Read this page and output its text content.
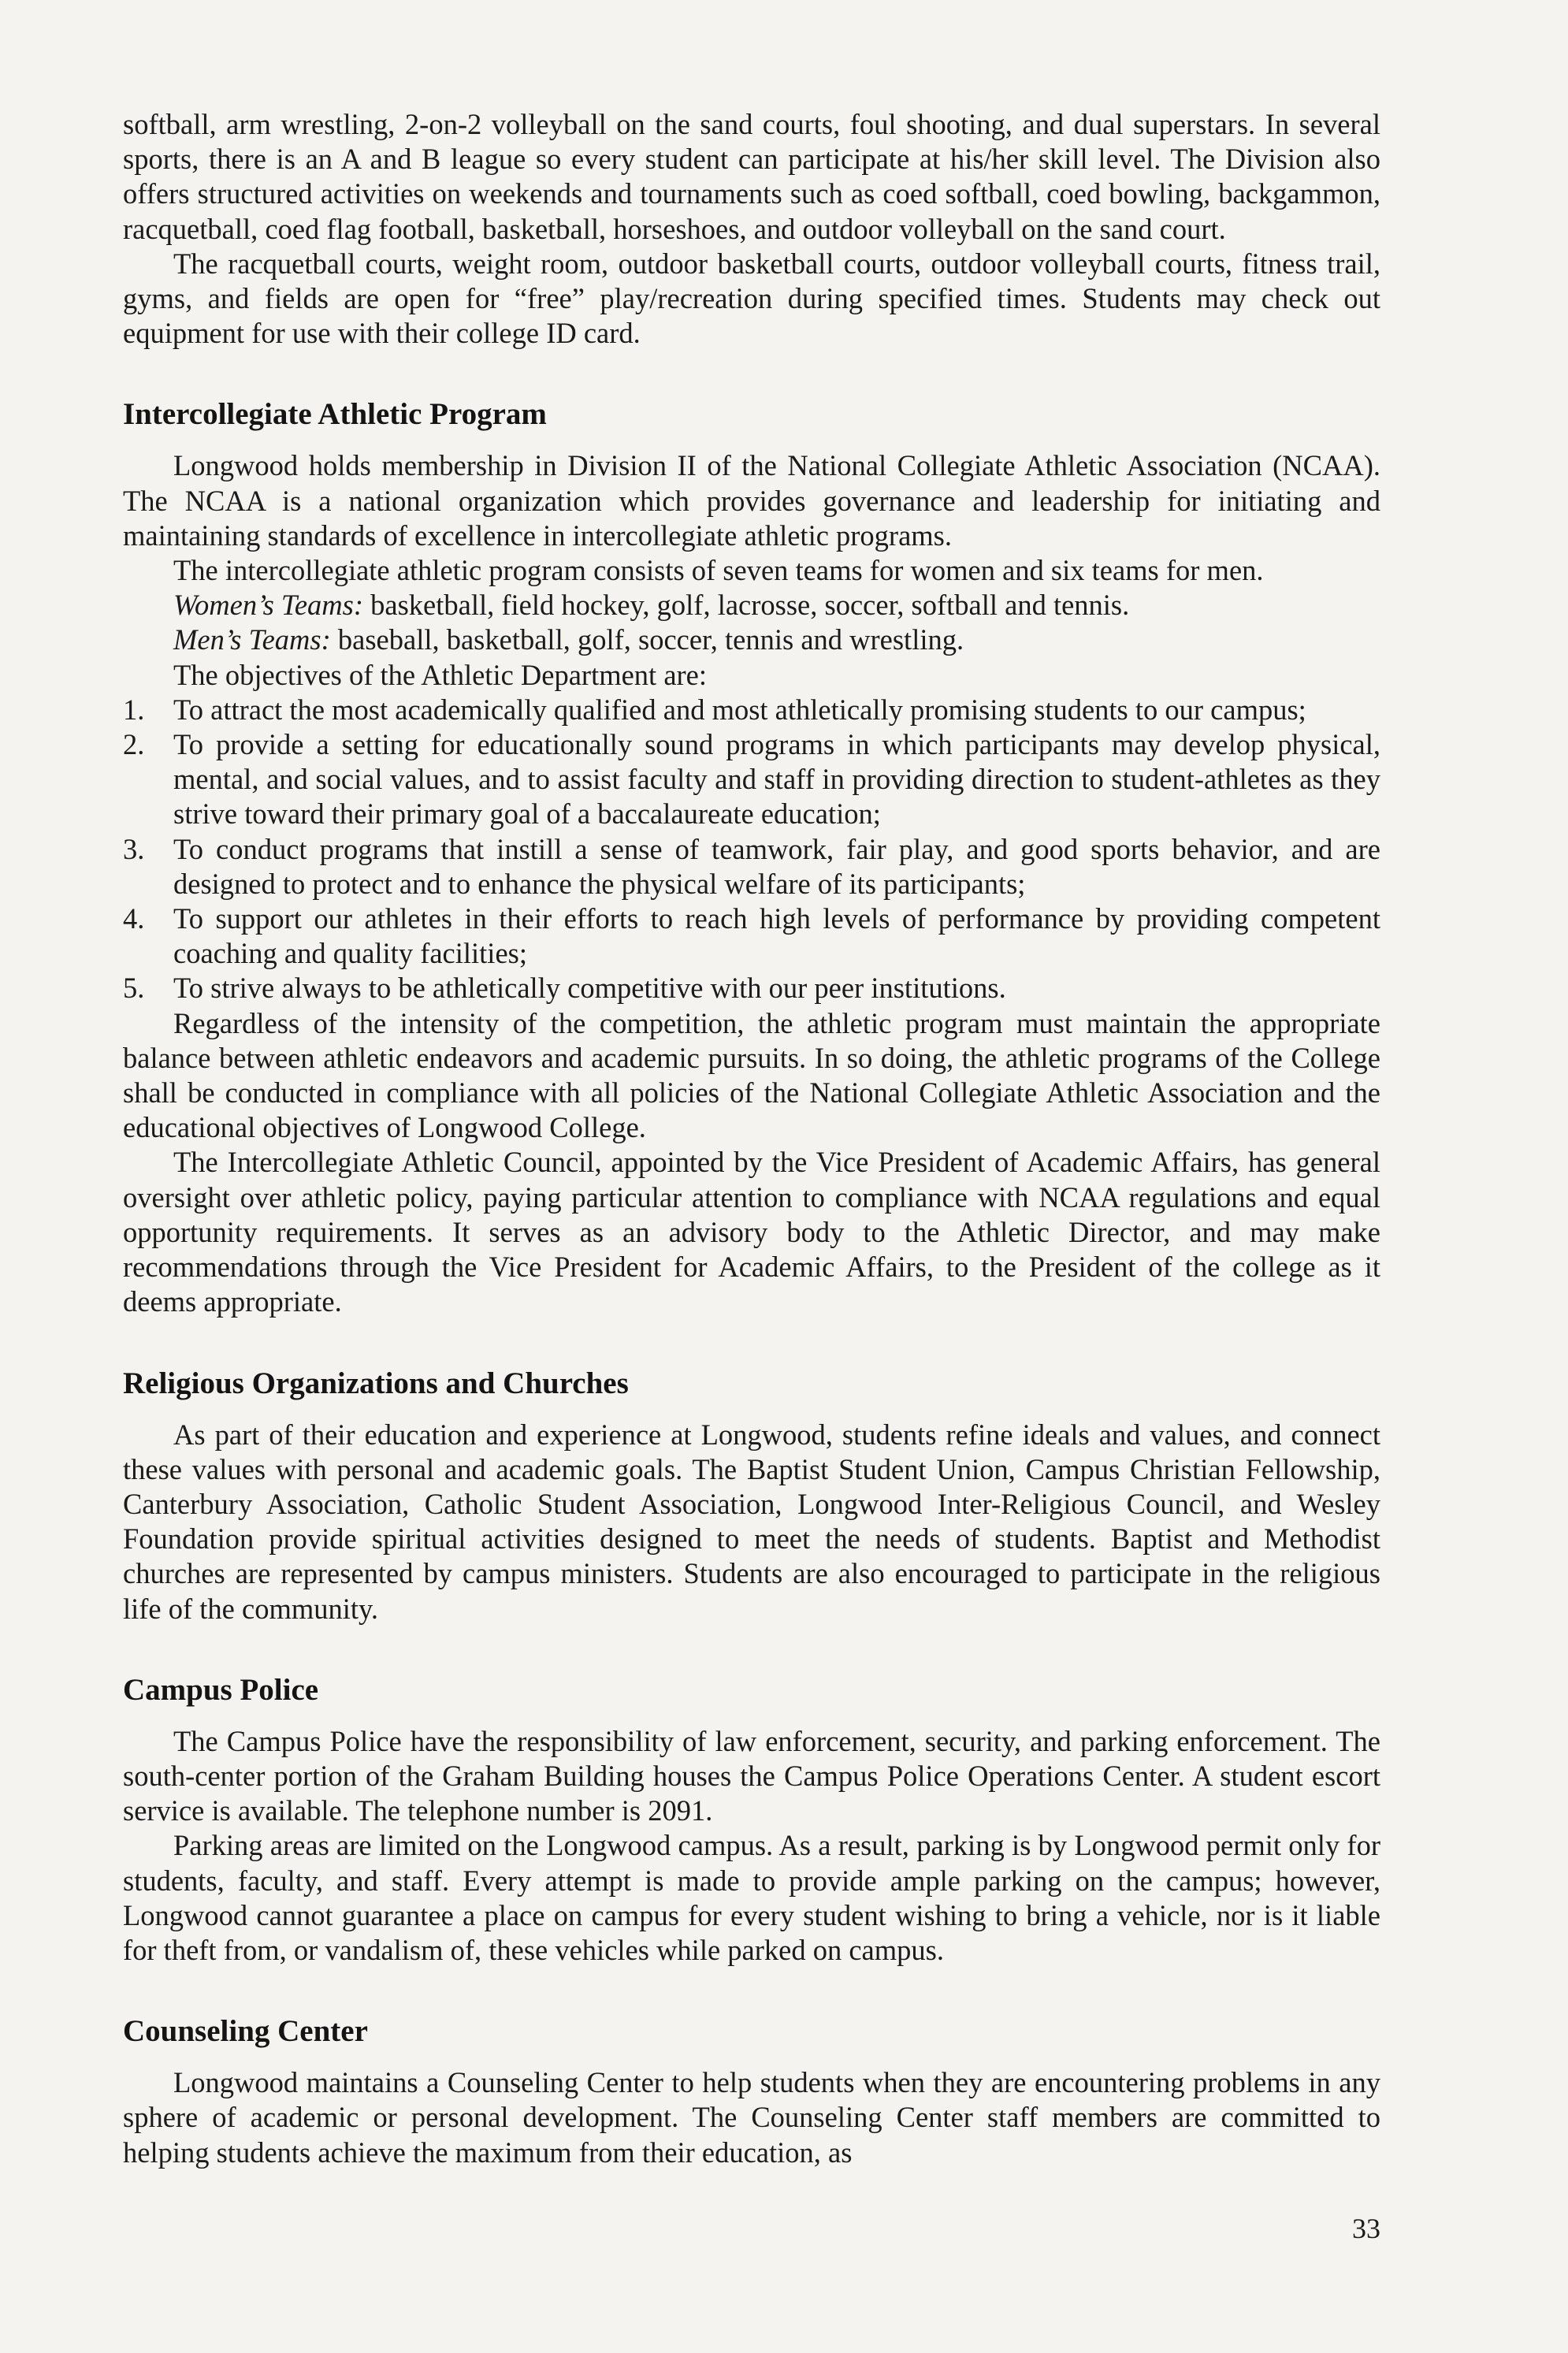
softball, arm wrestling, 2-on-2 volleyball on the sand courts, foul shooting, and dual superstars. In several sports, there is an A and B league so every student can participate at his/her skill level. The Division also offers structured activities on weekends and tournaments such as coed softball, coed bowling, backgammon, racquetball, coed flag football, basketball, horseshoes, and outdoor volleyball on the sand court.

The racquetball courts, weight room, outdoor basketball courts, outdoor volleyball courts, fitness trail, gyms, and fields are open for “free” play/recreation during specified times. Students may check out equipment for use with their college ID card.

Intercollegiate Athletic Program

Longwood holds membership in Division II of the National Collegiate Athletic Association (NCAA). The NCAA is a national organization which provides governance and leadership for initiating and maintaining standards of excellence in intercollegiate athletic programs.

The intercollegiate athletic program consists of seven teams for women and six teams for men.

Women’s Teams: basketball, field hockey, golf, lacrosse, soccer, softball and tennis.

Men’s Teams: baseball, basketball, golf, soccer, tennis and wrestling.

The objectives of the Athletic Department are:

1. To attract the most academically qualified and most athletically promising students to our campus;
2. To provide a setting for educationally sound programs in which participants may develop physical, mental, and social values, and to assist faculty and staff in providing direction to student-athletes as they strive toward their primary goal of a baccalaureate education;
3. To conduct programs that instill a sense of teamwork, fair play, and good sports behavior, and are designed to protect and to enhance the physical welfare of its participants;
4. To support our athletes in their efforts to reach high levels of performance by providing competent coaching and quality facilities;
5. To strive always to be athletically competitive with our peer institutions.

Regardless of the intensity of the competition, the athletic program must maintain the appropriate balance between athletic endeavors and academic pursuits. In so doing, the athletic programs of the College shall be conducted in compliance with all policies of the National Collegiate Athletic Association and the educational objectives of Longwood College.

The Intercollegiate Athletic Council, appointed by the Vice President of Academic Affairs, has general oversight over athletic policy, paying particular attention to compliance with NCAA regulations and equal opportunity requirements. It serves as an advisory body to the Athletic Director, and may make recommendations through the Vice President for Academic Affairs, to the President of the college as it deems appropriate.

Religious Organizations and Churches

As part of their education and experience at Longwood, students refine ideals and values, and connect these values with personal and academic goals. The Baptist Student Union, Campus Christian Fellowship, Canterbury Association, Catholic Student Association, Longwood Inter-Religious Council, and Wesley Foundation provide spiritual activities designed to meet the needs of students. Baptist and Methodist churches are represented by campus ministers. Students are also encouraged to participate in the religious life of the community.

Campus Police

The Campus Police have the responsibility of law enforcement, security, and parking enforcement. The south-center portion of the Graham Building houses the Campus Police Operations Center. A student escort service is available. The telephone number is 2091.

Parking areas are limited on the Longwood campus. As a result, parking is by Longwood permit only for students, faculty, and staff. Every attempt is made to provide ample parking on the campus; however, Longwood cannot guarantee a place on campus for every student wishing to bring a vehicle, nor is it liable for theft from, or vandalism of, these vehicles while parked on campus.

Counseling Center

Longwood maintains a Counseling Center to help students when they are encountering problems in any sphere of academic or personal development. The Counseling Center staff members are committed to helping students achieve the maximum from their education, as

33
